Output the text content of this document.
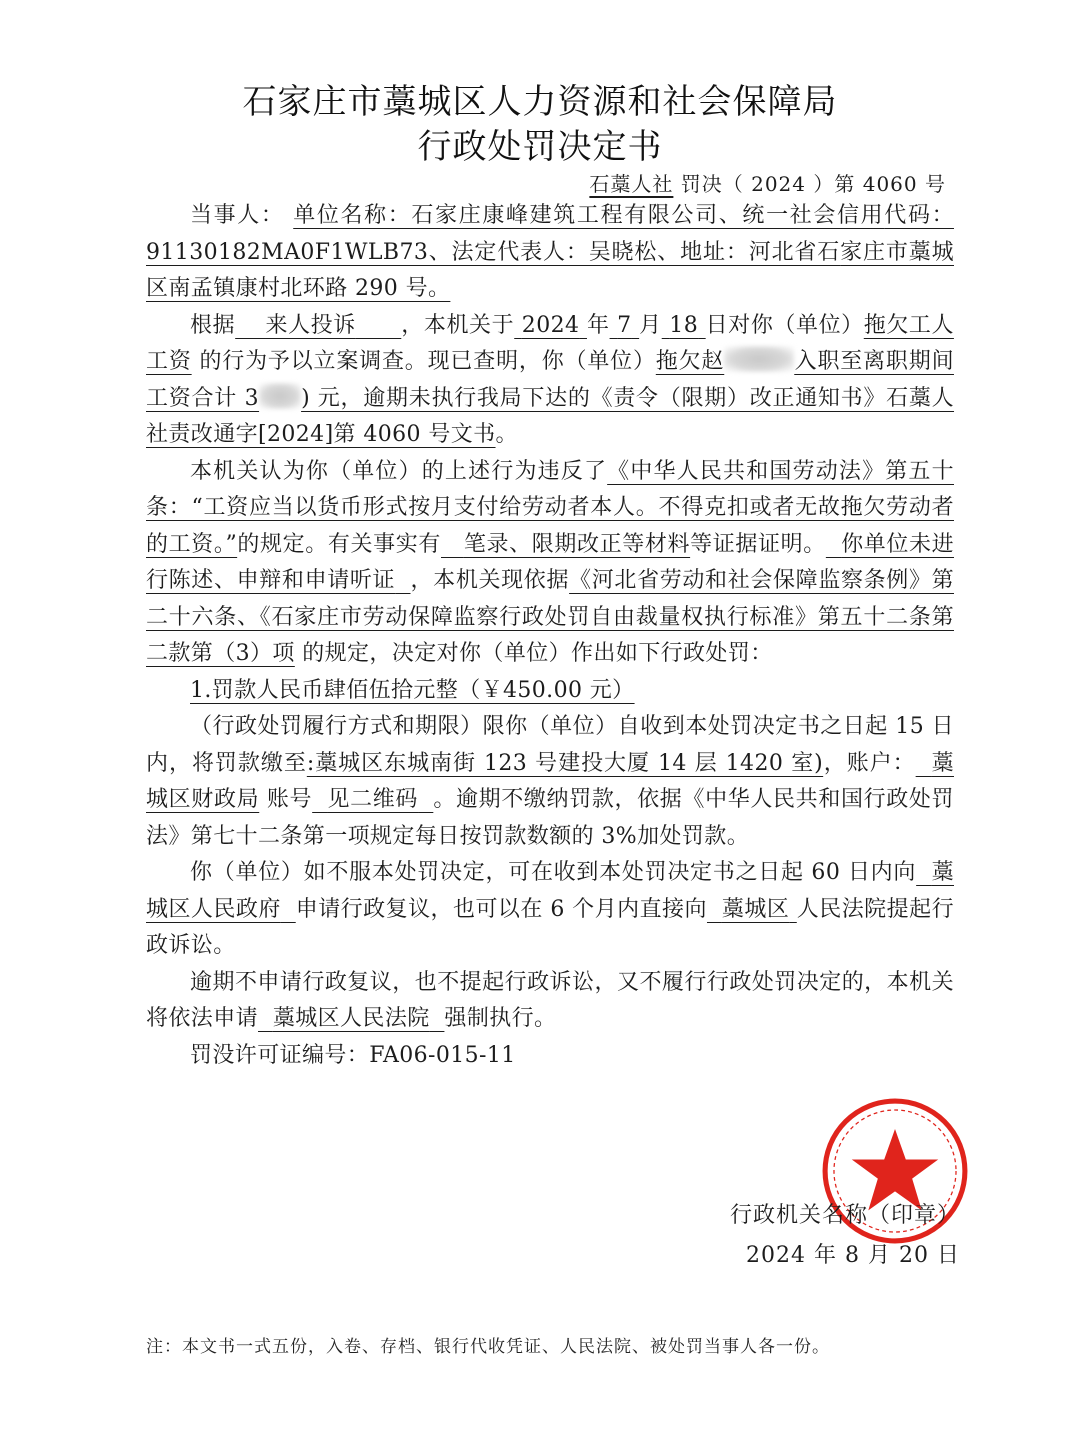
石家庄市藁城区人力资源和社会保障局
行政处罚决定书
石藁人社 罚决（ 2024 ）第 4060 号

当事人： 单位名称：石家庄康峰建筑工程有限公司、统一社会信用代码：91130182MA0F1WLB73、法定代表人：吴晓松、地址：河北省石家庄市藁城区南孟镇康村北环路 290 号。

根据 来人投诉 ，本机关于 2024 年 7 月 18 日对你（单位）拖欠工人工资 的行为予以立案调查。现已查明，你（单位）拖欠赵	入职至离职期间工资合计 3 ) 元，逾期未执行我局下达的《责令（限期）改正通知书》石藁人社责改通字[2024]第 4060 号文书。

本机关认为你（单位）的上述行为违反了《中华人民共和国劳动法》第五十条：“工资应当以货币形式按月支付给劳动者本人。不得克扣或者无故拖欠劳动者的工资。”的规定。有关事实有 笔录、限期改正等材料等证据证明。 你单位未进行陈述、申辩和申请听证 ，本机关现依据《河北省劳动和社会保障监察条例》第二十六条、《石家庄市劳动保障监察行政处罚自由裁量权执行标准》第五十二条第二款第（3）项 的规定，决定对你（单位）作出如下行政处罚：

1.罚款人民币肆佰伍拾元整（￥450.00 元）

（行政处罚履行方式和期限）限你（单位）自收到本处罚决定书之日起 15 日内，将罚款缴至:藁城区东城南街 123 号建投大厦 14 层 1420 室)，账户： 藁城区财政局 账号 见二维码 。逾期不缴纳罚款，依据《中华人民共和国行政处罚法》第七十二条第一项规定每日按罚款数额的 3%加处罚款。

你（单位）如不服本处罚决定，可在收到本处罚决定书之日起 60 日内向 藁城区人民政府 申请行政复议，也可以在 6 个月内直接向 藁城区 人民法院提起行政诉讼。

逾期不申请行政复议，也不提起行政诉讼，又不履行行政处罚决定的，本机关将依法申请 藁城区人民法院 强制执行。

罚没许可证编号：FA06-015-11

行政机关名称（印章）
2024 年 8 月 20 日
注：本文书一式五份，入卷、存档、银行代收凭证、人民法院、被处罚当事人各一份。
